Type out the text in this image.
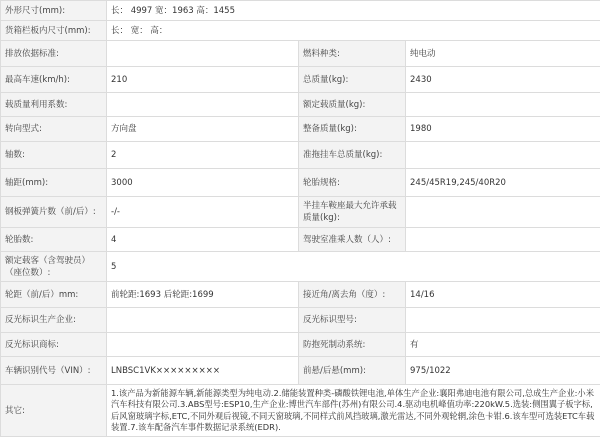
外形尺寸(mm):	长： 4997 宽：1963 高：1455		
货箱栏板内尺寸(mm):	长： 宽： 高：		
排放依据标准:		燃料种类:	纯电动
最高车速(km/h):	210	总质量(kg):	2430
载质量利用系数:		额定载质量(kg):	
转向型式:	方向盘	整备质量(kg):	1980
轴数:	2	准拖挂车总质量(kg):	
轴距(mm):	3000	轮胎规格:	245/45R19,245/40R20
钢板弹簧片数（前/后）:	-/-	半挂车鞍座最大允许承载质量(kg):	
轮胎数:	4	驾驶室准乘人数（人）:	
额定载客（含驾驶员）（座位数）:	5		
轮距（前/后）mm:	前轮距:1693 后轮距:1699	接近角/离去角（度）:	14/16
反光标识生产企业:		反光标识型号:	
反光标识商标:		防抱死制动系统:	有
车辆识别代号（VIN）:	LNBSC1VK×××××××××	前悬/后悬(mm):	975/1022
其它:	1.该产品为新能源车辆,新能源类型为纯电动.2.储能装置种类-磷酸铁锂电池,单体生产企业:襄阳弗迪电池有限公司,总成生产企业:小米汽车科技有限公司.3.ABS型号:ESP10,生产企业:博世汽车部件(苏州)有限公司.4.驱动电机峰值功率:220kW.5.选装:侧围翼子板字标,后风窗玻璃字标,ETC,不同外观后视镜,不同天窗玻璃,不同样式前风挡玻璃,激光雷达,不同外观轮辋,涂色卡钳.6.该车型可选装ETC车载装置.7.该车配备汽车事件数据记录系统(EDR).		
